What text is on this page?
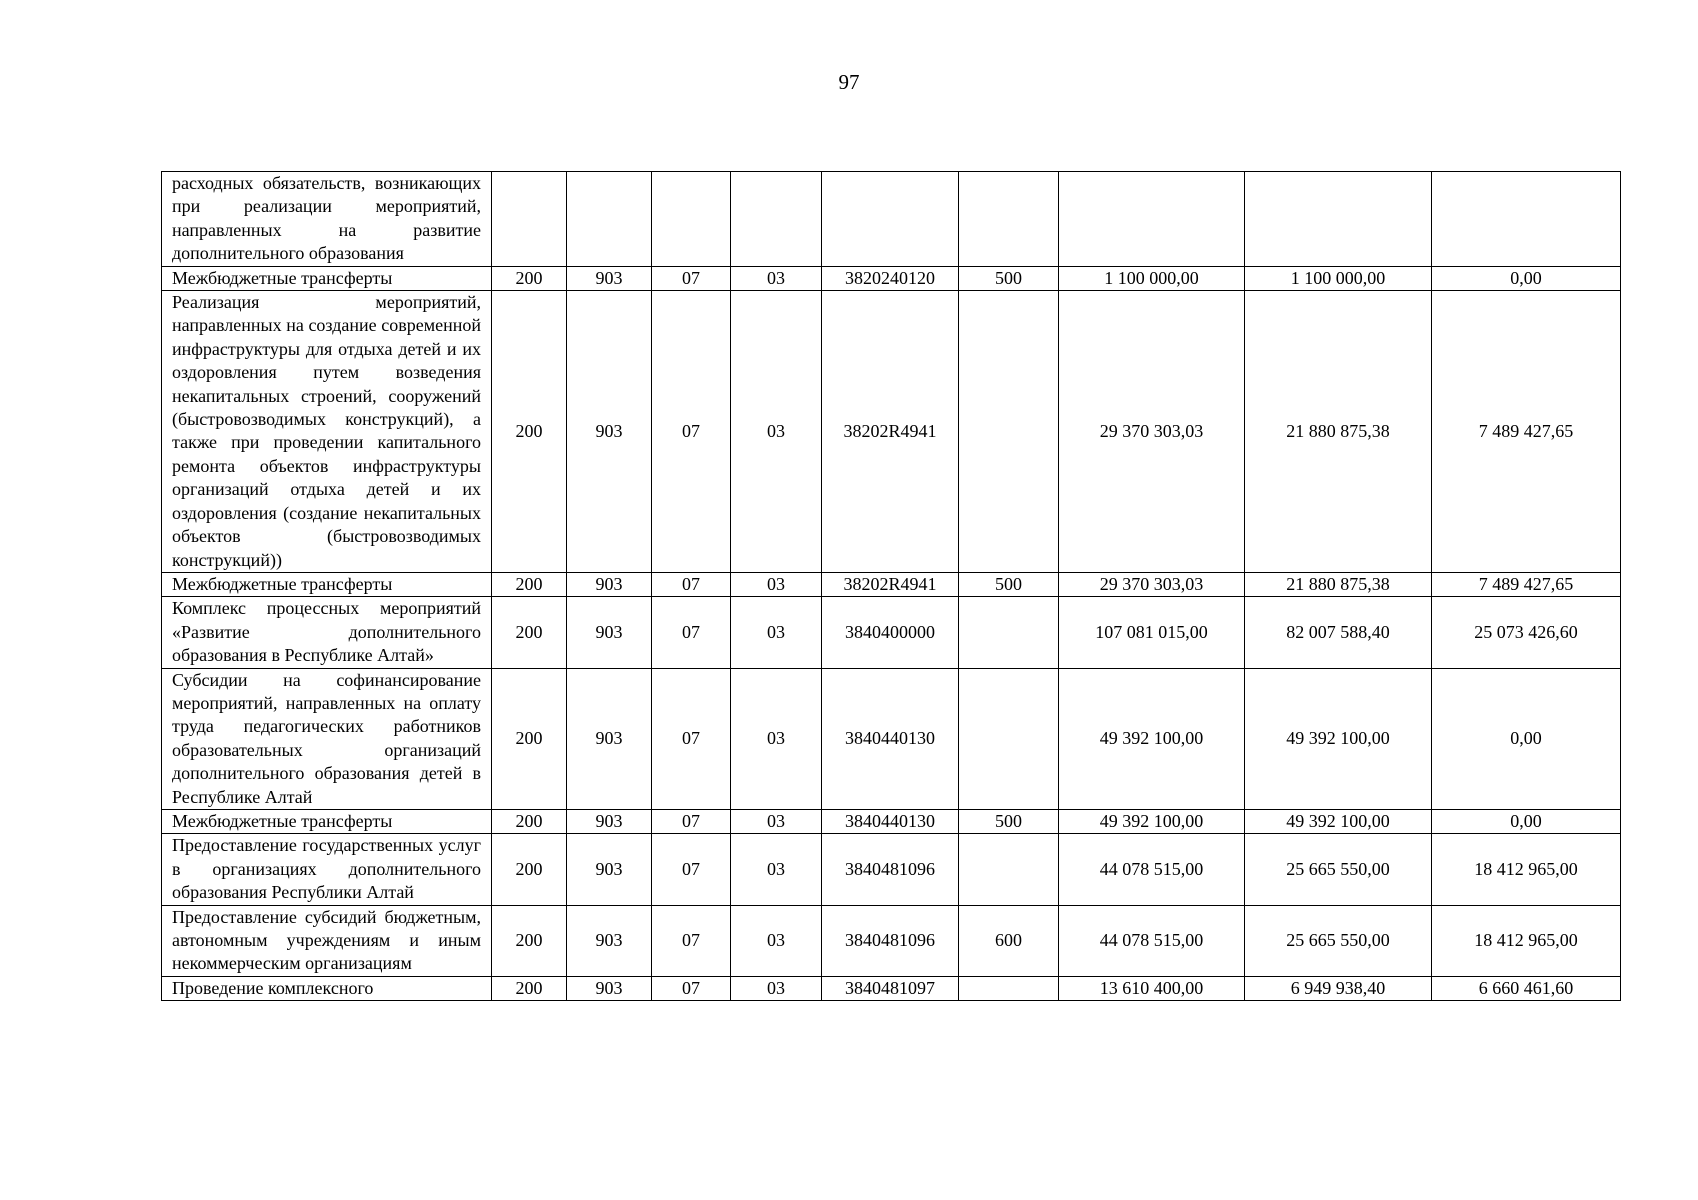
97
расходных обязательств, возникающих при реализации мероприятий, направленных на развитие дополнительного образования									
Межбюджетные трансферты	200	903	07	03	3820240120	500	1 100 000,00	1 100 000,00	0,00
Реализация мероприятий, направленных на создание современной инфраструктуры для отдыха детей и их оздоровления путем возведения некапитальных строений, сооружений (быстровозводимых конструкций), а также при проведении капитального ремонта объектов инфраструктуры организаций отдыха детей и их оздоровления (создание некапитальных объектов (быстровозводимых конструкций))	200	903	07	03	38202R4941		29 370 303,03	21 880 875,38	7 489 427,65
Межбюджетные трансферты	200	903	07	03	38202R4941	500	29 370 303,03	21 880 875,38	7 489 427,65
Комплекс процессных мероприятий «Развитие дополнительного образования в Республике Алтай»	200	903	07	03	3840400000		107 081 015,00	82 007 588,40	25 073 426,60
Субсидии на софинансирование мероприятий, направленных на оплату труда педагогических работников образовательных организаций дополнительного образования детей в Республике Алтай	200	903	07	03	3840440130		49 392 100,00	49 392 100,00	0,00
Межбюджетные трансферты	200	903	07	03	3840440130	500	49 392 100,00	49 392 100,00	0,00
Предоставление государственных услуг в организациях дополнительного образования Республики Алтай	200	903	07	03	3840481096		44 078 515,00	25 665 550,00	18 412 965,00
Предоставление субсидий бюджетным, автономным учреждениям и иным некоммерческим организациям	200	903	07	03	3840481096	600	44 078 515,00	25 665 550,00	18 412 965,00
Проведение комплексного	200	903	07	03	3840481097		13 610 400,00	6 949 938,40	6 660 461,60
